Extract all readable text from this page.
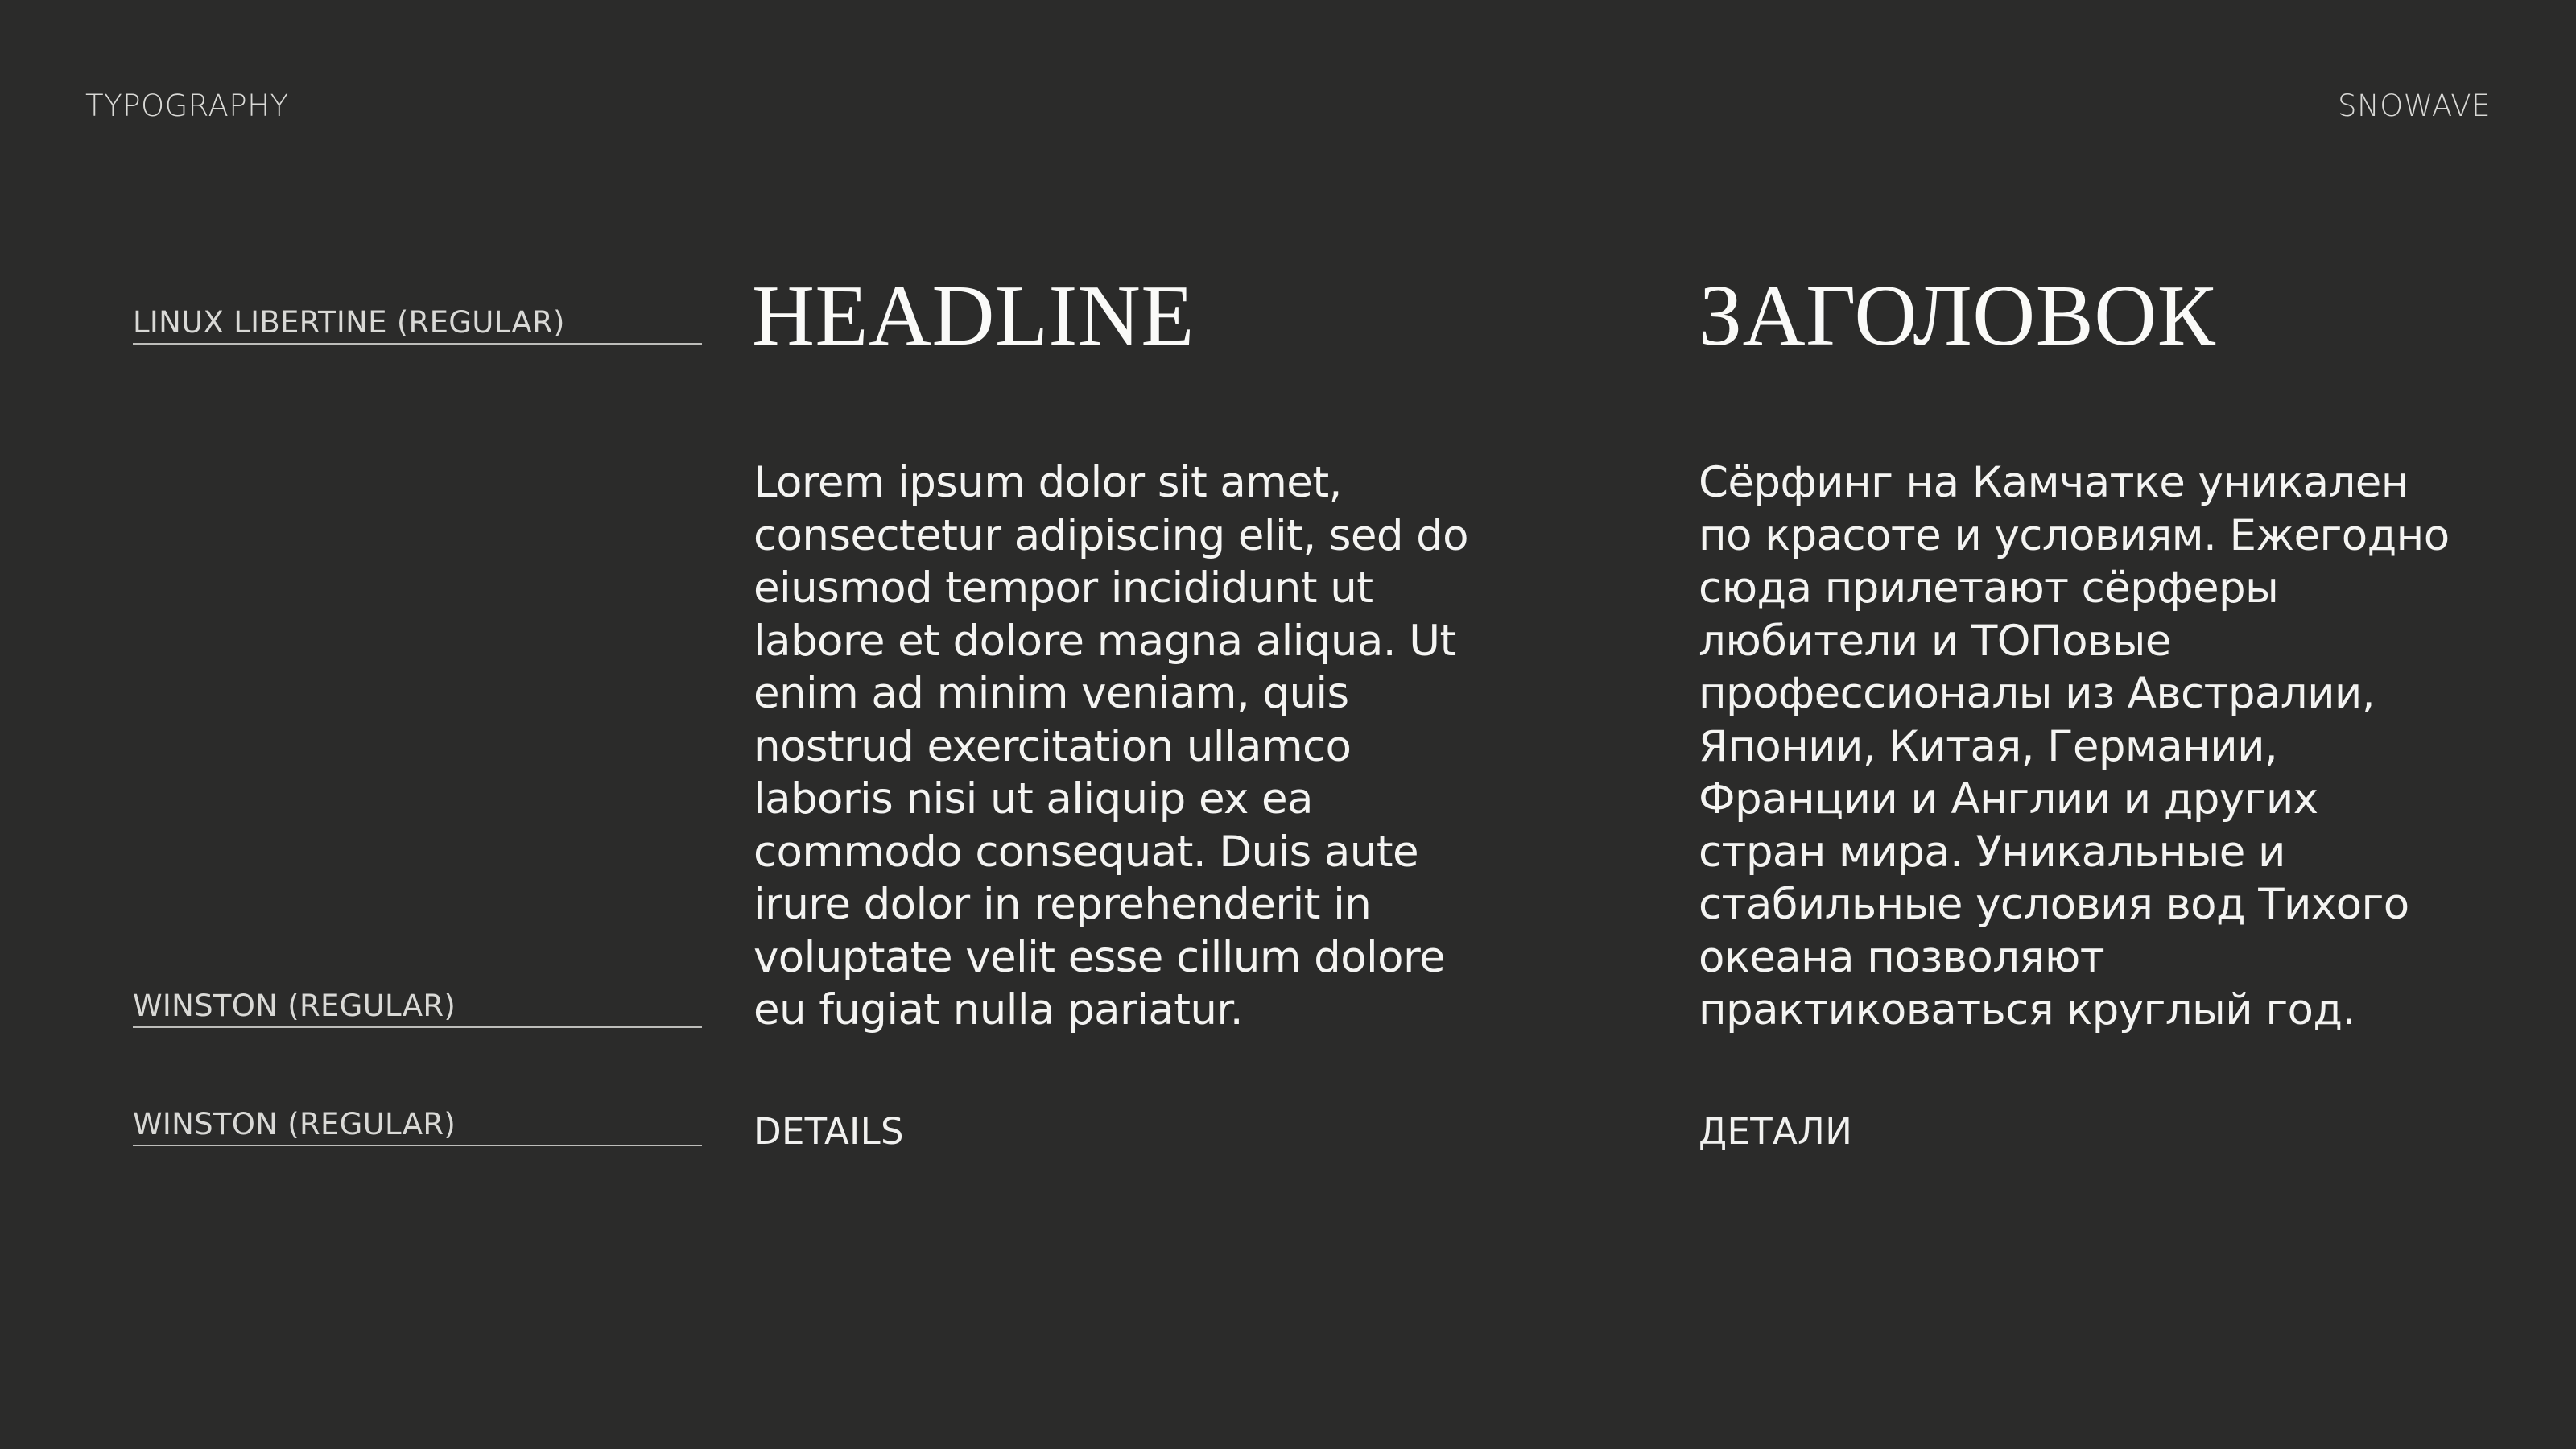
TYPOGRAPHY	SNOWAVE
LINUX LIBERTINE (REGULAR)
WINSTON (REGULAR)
WINSTON (REGULAR)
HEADLINE	ЗАГОЛОВОК
Lorem ipsum dolor sit amet,
consectetur adipiscing elit, sed do
eiusmod tempor incididunt ut
labore et dolore magna aliqua. Ut
enim ad minim veniam, quis
nostrud exercitation ullamco
laboris nisi ut aliquip ex ea
commodo consequat. Duis aute
irure dolor in reprehenderit in
voluptate velit esse cillum dolore
eu fugiat nulla pariatur.
Сёрфинг на Камчатке уникален
по красоте и условиям. Ежегодно
сюда прилетают сёрферы
любители и ТОПовые
профессионалы из Австралии,
Японии, Китая, Германии,
Франции и Англии и других
стран мира. Уникальные и
стабильные условия вод Тихого
океана позволяют
практиковаться круглый год.
DETAILS	ДЕТАЛИ
